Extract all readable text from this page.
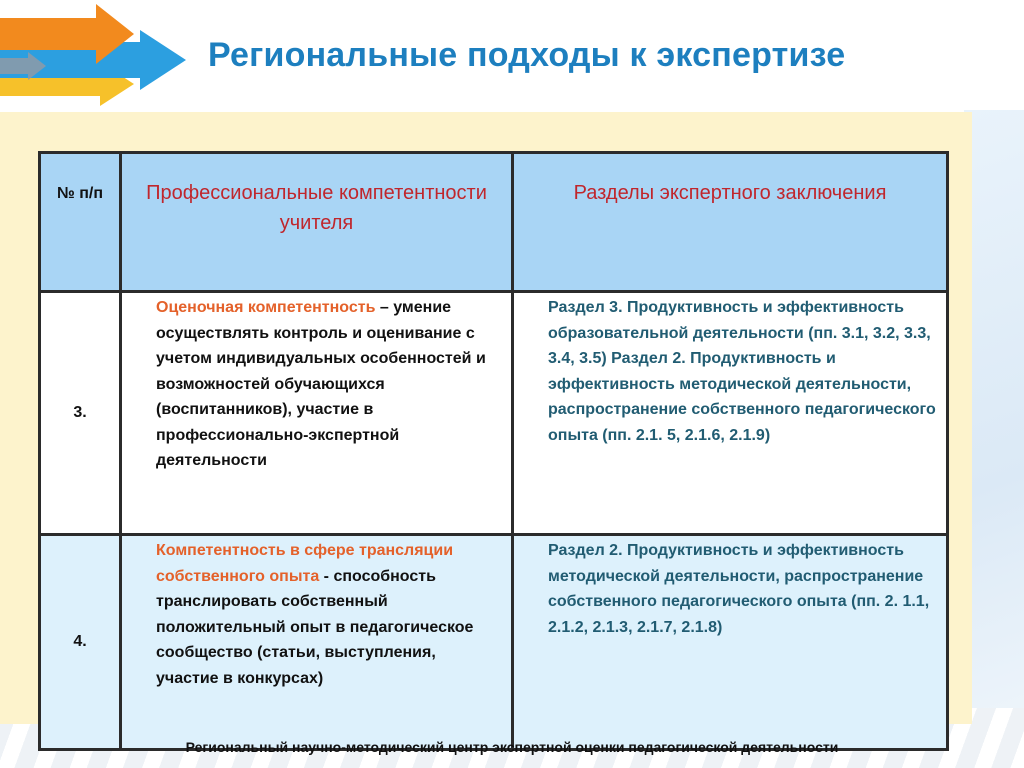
Региональные подходы к экспертизе
№ п/п	Профессиональные компетентности учителя	Разделы экспертного заключения
3.	Оценочная компетентность – умение осуществлять контроль и оценивание с учетом индивидуальных особенностей и возможностей обучающихся (воспитанников), участие в профессионально-экспертной деятельности	Раздел 3. Продуктивность и эффективность образовательной деятельности (пп. 3.1, 3.2, 3.3, 3.4, 3.5) Раздел 2. Продуктивность и эффективность методической деятельности, распространение собственного педагогического опыта (пп. 2.1. 5, 2.1.6, 2.1.9)
4.	Компетентность в сфере трансляции собственного опыта - способность транслировать собственный положительный опыт в педагогическое сообщество (статьи, выступления, участие в конкурсах)	Раздел 2. Продуктивность и эффективность методической деятельности, распространение собственного педагогического опыта (пп. 2. 1.1, 2.1.2, 2.1.3, 2.1.7, 2.1.8)
Региональный научно-методический центр экспертной оценки педагогической деятельности
